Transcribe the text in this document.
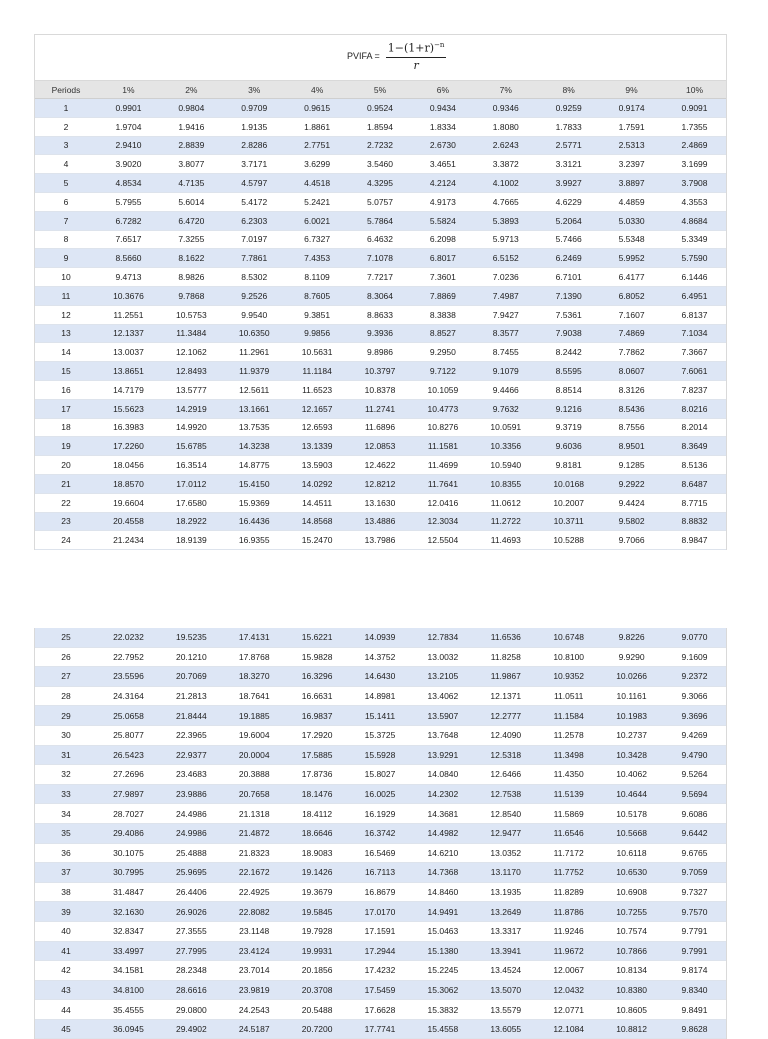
PVIFA = $\frac{1-(1+r)^{-n}}{r}$
Periods	1%	2%	3%	4%	5%	6%	7%	8%	9%	10%
1	0.9901	0.9804	0.9709	0.9615	0.9524	0.9434	0.9346	0.9259	0.9174	0.9091
2	1.9704	1.9416	1.9135	1.8861	1.8594	1.8334	1.8080	1.7833	1.7591	1.7355
3	2.9410	2.8839	2.8286	2.7751	2.7232	2.6730	2.6243	2.5771	2.5313	2.4869
4	3.9020	3.8077	3.7171	3.6299	3.5460	3.4651	3.3872	3.3121	3.2397	3.1699
5	4.8534	4.7135	4.5797	4.4518	4.3295	4.2124	4.1002	3.9927	3.8897	3.7908
6	5.7955	5.6014	5.4172	5.2421	5.0757	4.9173	4.7665	4.6229	4.4859	4.3553
7	6.7282	6.4720	6.2303	6.0021	5.7864	5.5824	5.3893	5.2064	5.0330	4.8684
8	7.6517	7.3255	7.0197	6.7327	6.4632	6.2098	5.9713	5.7466	5.5348	5.3349
9	8.5660	8.1622	7.7861	7.4353	7.1078	6.8017	6.5152	6.2469	5.9952	5.7590
10	9.4713	8.9826	8.5302	8.1109	7.7217	7.3601	7.0236	6.7101	6.4177	6.1446
11	10.3676	9.7868	9.2526	8.7605	8.3064	7.8869	7.4987	7.1390	6.8052	6.4951
12	11.2551	10.5753	9.9540	9.3851	8.8633	8.3838	7.9427	7.5361	7.1607	6.8137
13	12.1337	11.3484	10.6350	9.9856	9.3936	8.8527	8.3577	7.9038	7.4869	7.1034
14	13.0037	12.1062	11.2961	10.5631	9.8986	9.2950	8.7455	8.2442	7.7862	7.3667
15	13.8651	12.8493	11.9379	11.1184	10.3797	9.7122	9.1079	8.5595	8.0607	7.6061
16	14.7179	13.5777	12.5611	11.6523	10.8378	10.1059	9.4466	8.8514	8.3126	7.8237
17	15.5623	14.2919	13.1661	12.1657	11.2741	10.4773	9.7632	9.1216	8.5436	8.0216
18	16.3983	14.9920	13.7535	12.6593	11.6896	10.8276	10.0591	9.3719	8.7556	8.2014
19	17.2260	15.6785	14.3238	13.1339	12.0853	11.1581	10.3356	9.6036	8.9501	8.3649
20	18.0456	16.3514	14.8775	13.5903	12.4622	11.4699	10.5940	9.8181	9.1285	8.5136
21	18.8570	17.0112	15.4150	14.0292	12.8212	11.7641	10.8355	10.0168	9.2922	8.6487
22	19.6604	17.6580	15.9369	14.4511	13.1630	12.0416	11.0612	10.2007	9.4424	8.7715
23	20.4558	18.2922	16.4436	14.8568	13.4886	12.3034	11.2722	10.3711	9.5802	8.8832
24	21.2434	18.9139	16.9355	15.2470	13.7986	12.5504	11.4693	10.5288	9.7066	8.9847
25	22.0232	19.5235	17.4131	15.6221	14.0939	12.7834	11.6536	10.6748	9.8226	9.0770
26	22.7952	20.1210	17.8768	15.9828	14.3752	13.0032	11.8258	10.8100	9.9290	9.1609
27	23.5596	20.7069	18.3270	16.3296	14.6430	13.2105	11.9867	10.9352	10.0266	9.2372
28	24.3164	21.2813	18.7641	16.6631	14.8981	13.4062	12.1371	11.0511	10.1161	9.3066
29	25.0658	21.8444	19.1885	16.9837	15.1411	13.5907	12.2777	11.1584	10.1983	9.3696
30	25.8077	22.3965	19.6004	17.2920	15.3725	13.7648	12.4090	11.2578	10.2737	9.4269
31	26.5423	22.9377	20.0004	17.5885	15.5928	13.9291	12.5318	11.3498	10.3428	9.4790
32	27.2696	23.4683	20.3888	17.8736	15.8027	14.0840	12.6466	11.4350	10.4062	9.5264
33	27.9897	23.9886	20.7658	18.1476	16.0025	14.2302	12.7538	11.5139	10.4644	9.5694
34	28.7027	24.4986	21.1318	18.4112	16.1929	14.3681	12.8540	11.5869	10.5178	9.6086
35	29.4086	24.9986	21.4872	18.6646	16.3742	14.4982	12.9477	11.6546	10.5668	9.6442
36	30.1075	25.4888	21.8323	18.9083	16.5469	14.6210	13.0352	11.7172	10.6118	9.6765
37	30.7995	25.9695	22.1672	19.1426	16.7113	14.7368	13.1170	11.7752	10.6530	9.7059
38	31.4847	26.4406	22.4925	19.3679	16.8679	14.8460	13.1935	11.8289	10.6908	9.7327
39	32.1630	26.9026	22.8082	19.5845	17.0170	14.9491	13.2649	11.8786	10.7255	9.7570
40	32.8347	27.3555	23.1148	19.7928	17.1591	15.0463	13.3317	11.9246	10.7574	9.7791
41	33.4997	27.7995	23.4124	19.9931	17.2944	15.1380	13.3941	11.9672	10.7866	9.7991
42	34.1581	28.2348	23.7014	20.1856	17.4232	15.2245	13.4524	12.0067	10.8134	9.8174
43	34.8100	28.6616	23.9819	20.3708	17.5459	15.3062	13.5070	12.0432	10.8380	9.8340
44	35.4555	29.0800	24.2543	20.5488	17.6628	15.3832	13.5579	12.0771	10.8605	9.8491
45	36.0945	29.4902	24.5187	20.7200	17.7741	15.4558	13.6055	12.1084	10.8812	9.8628
